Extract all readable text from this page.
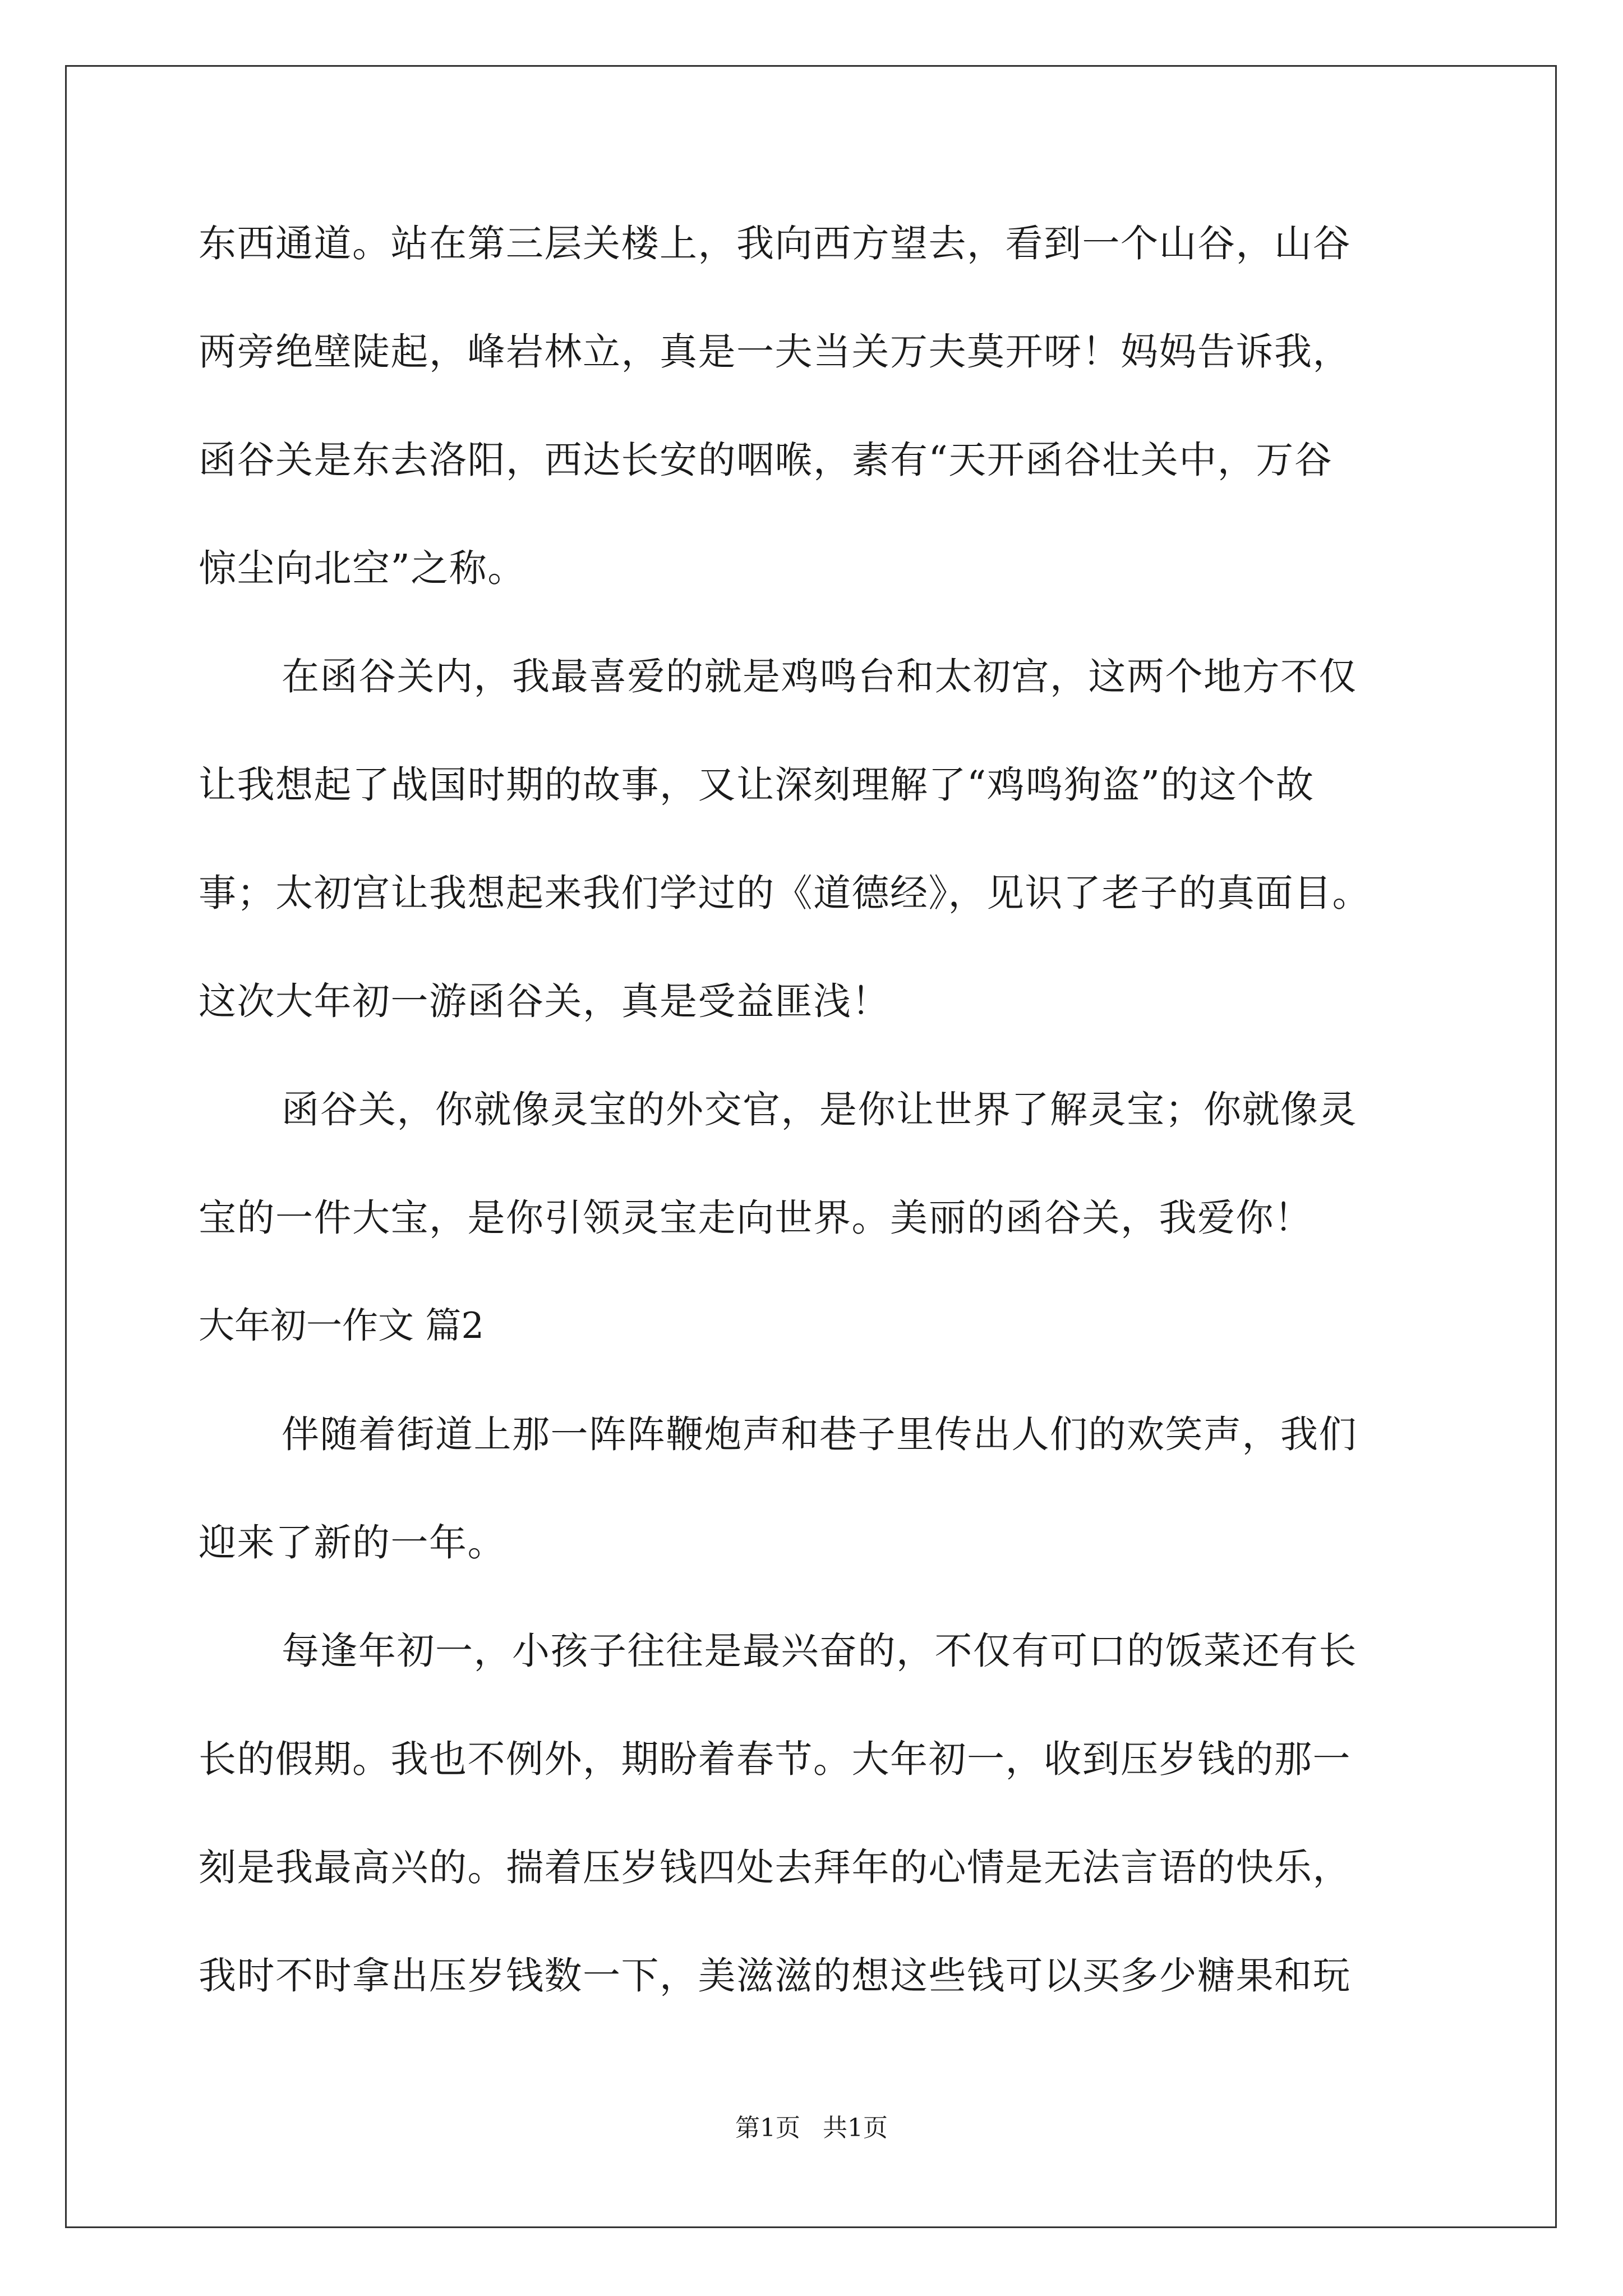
东西通道。站在第三层关楼上，我向西方望去，看到一个山谷，山谷
两旁绝壁陡起，峰岩林立，真是一夫当关万夫莫开呀！妈妈告诉我，
函谷关是东去洛阳，西达长安的咽喉，素有“天开函谷壮关中，万谷
惊尘向北空”之称。
在函谷关内，我最喜爱的就是鸡鸣台和太初宫，这两个地方不仅
让我想起了战国时期的故事，又让深刻理解了“鸡鸣狗盗”的这个故
事；太初宫让我想起来我们学过的《道德经》，见识了老子的真面目。
这次大年初一游函谷关，真是受益匪浅！
函谷关，你就像灵宝的外交官，是你让世界了解灵宝；你就像灵
宝的一件大宝，是你引领灵宝走向世界。美丽的函谷关，我爱你！
大年初一作文 篇2
伴随着街道上那一阵阵鞭炮声和巷子里传出人们的欢笑声，我们
迎来了新的一年。
每逢年初一，小孩子往往是最兴奋的，不仅有可口的饭菜还有长
长的假期。我也不例外，期盼着春节。大年初一，收到压岁钱的那一
刻是我最高兴的。揣着压岁钱四处去拜年的心情是无法言语的快乐，
我时不时拿出压岁钱数一下，美滋滋的想这些钱可以买多少糖果和玩
第1页 共1页
